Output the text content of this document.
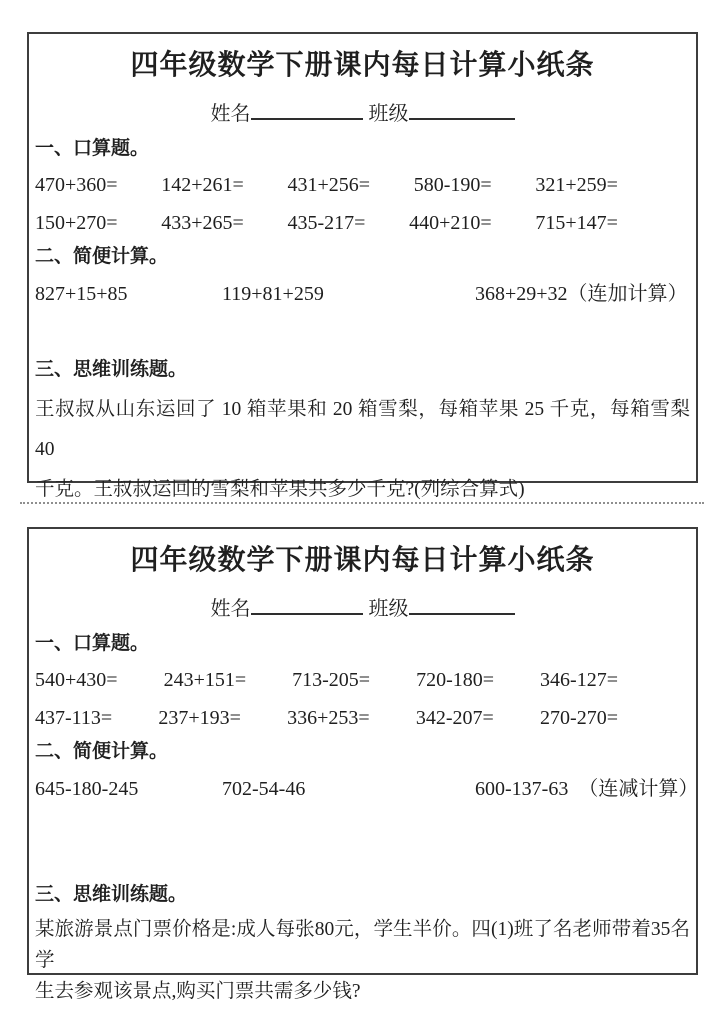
四年级数学下册课内每日计算小纸条
姓名	班级
一、口算题。
470+360= 142+261= 431+256= 580-190= 321+259=
150+270= 433+265= 435-217= 440+210= 715+147=
二、简便计算。
827+15+85	119+81+259	368+29+32（连加计算）
三、思维训练题。
王叔叔从山东运回了 10 箱苹果和 20 箱雪梨，每箱苹果 25 千克，每箱雪梨 40
千克。王叔叔运回的雪梨和苹果共多少千克?(列综合算式)
四年级数学下册课内每日计算小纸条
姓名	班级
一、口算题。
540+430= 243+151= 713-205= 720-180= 346-127=
437-113= 237+193= 336+253= 342-207= 270-270=
二、简便计算。
645-180-245	702-54-46	600-137-63　（连减计算）
三、思维训练题。
某旅游景点门票价格是:成人每张80元，学生半价。四(1)班了名老师带着35名学
生去参观该景点,购买门票共需多少钱?
